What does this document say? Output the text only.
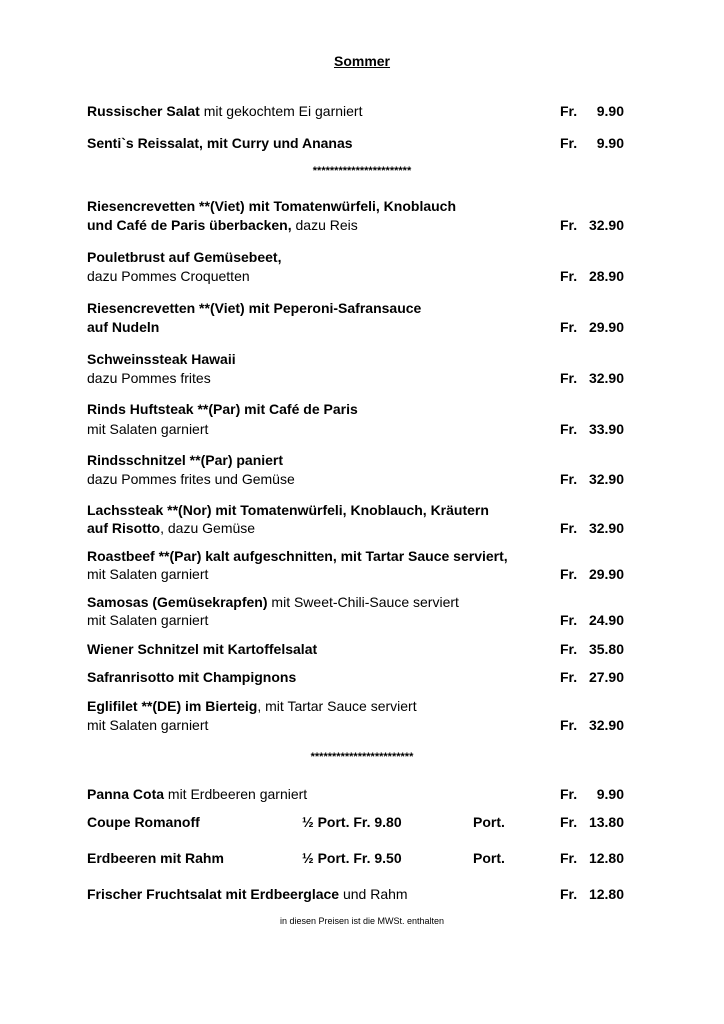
Sommer
Russischer Salat mit gekochtem Ei garniert	Fr. 9.90
Senti`s Reissalat, mit Curry und Ananas	Fr. 9.90
***********************
Riesencrevetten **(Viet) mit Tomatenwürfeli, Knoblauch
und Café de Paris überbacken, dazu Reis	Fr. 32.90
Pouletbrust auf Gemüsebeet,
dazu Pommes Croquetten	Fr. 28.90
Riesencrevetten **(Viet) mit Peperoni-Safransauce
auf Nudeln	Fr. 29.90
Schweinssteak Hawaii
dazu Pommes frites	Fr. 32.90
Rinds Huftsteak **(Par) mit Café de Paris
mit Salaten garniert	Fr. 33.90
Rindsschnitzel **(Par) paniert
dazu Pommes frites und Gemüse	Fr. 32.90
Lachssteak **(Nor) mit Tomatenwürfeli, Knoblauch, Kräutern
auf Risotto, dazu Gemüse	Fr. 32.90
Roastbeef **(Par) kalt aufgeschnitten, mit Tartar Sauce serviert,
mit Salaten garniert	Fr. 29.90
Samosas (Gemüsekrapfen) mit Sweet-Chili-Sauce serviert
mit Salaten garniert	Fr. 24.90
Wiener Schnitzel mit Kartoffelsalat	Fr. 35.80
Safranrisotto mit Champignons	Fr. 27.90
Eglifilet **(DE) im Bierteig, mit Tartar Sauce serviert
mit Salaten garniert	Fr. 32.90
************************
Panna Cota mit Erdbeeren garniert	Fr. 9.90
Coupe Romanoff	½ Port. Fr. 9.80	Port.	Fr. 13.80
Erdbeeren mit Rahm	½ Port. Fr. 9.50	Port.	Fr. 12.80
Frischer Fruchtsalat mit Erdbeerglace und Rahm	Fr. 12.80
in diesen Preisen ist die MWSt. enthalten
